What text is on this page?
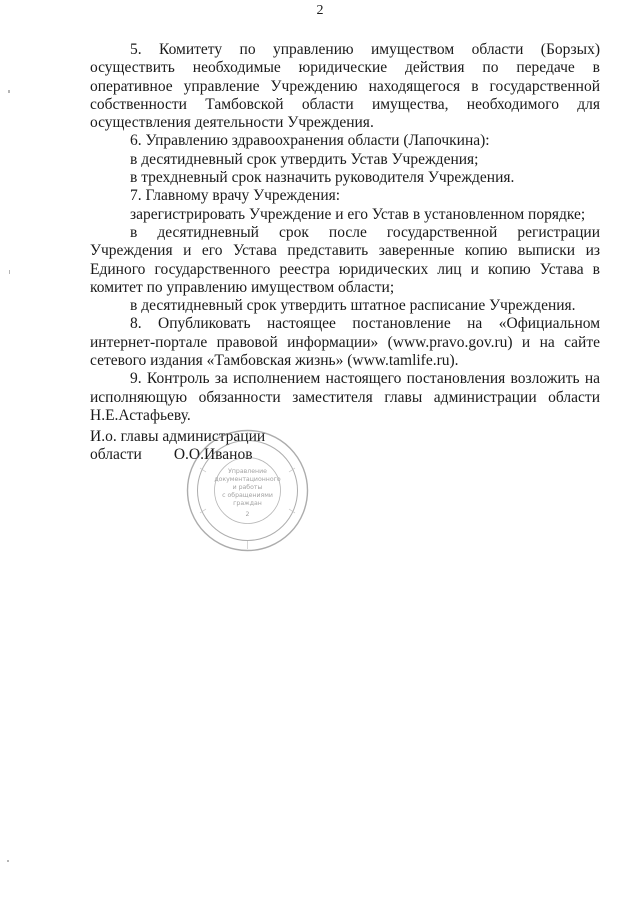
2

5. Комитету по управлению имуществом области (Борзых) осуществить необходимые юридические действия по передаче в оперативное управление Учреждению находящегося в государственной собственности Тамбовской области имущества, необходимого для осуществления деятельности Учреждения.

6. Управлению здравоохранения области (Лапочкина):

в десятидневный срок утвердить Устав Учреждения;

в трехдневный срок назначить руководителя Учреждения.

7. Главному врачу Учреждения:

зарегистрировать Учреждение и его Устав в установленном порядке;

в десятидневный срок после государственной регистрации Учреждения и его Устава представить заверенные копию выписки из Единого государственного реестра юридических лиц и копию Устава в комитет по управлению имуществом области;

в десятидневный срок утвердить штатное расписание Учреждения.

8. Опубликовать настоящее постановление на «Официальном интернет-портале правовой информации» (www.pravo.gov.ru) и на сайте сетевого издания «Тамбовская жизнь» (www.tamlife.ru).

9. Контроль за исполнением настоящего постановления возложить на исполняющую обязанности заместителя главы администрации области Н.Е.Астафьеву.

И.о. главы администрации
области О.О.Иванов
Управление
документационного
и работы
с обращениями
граждан
2
